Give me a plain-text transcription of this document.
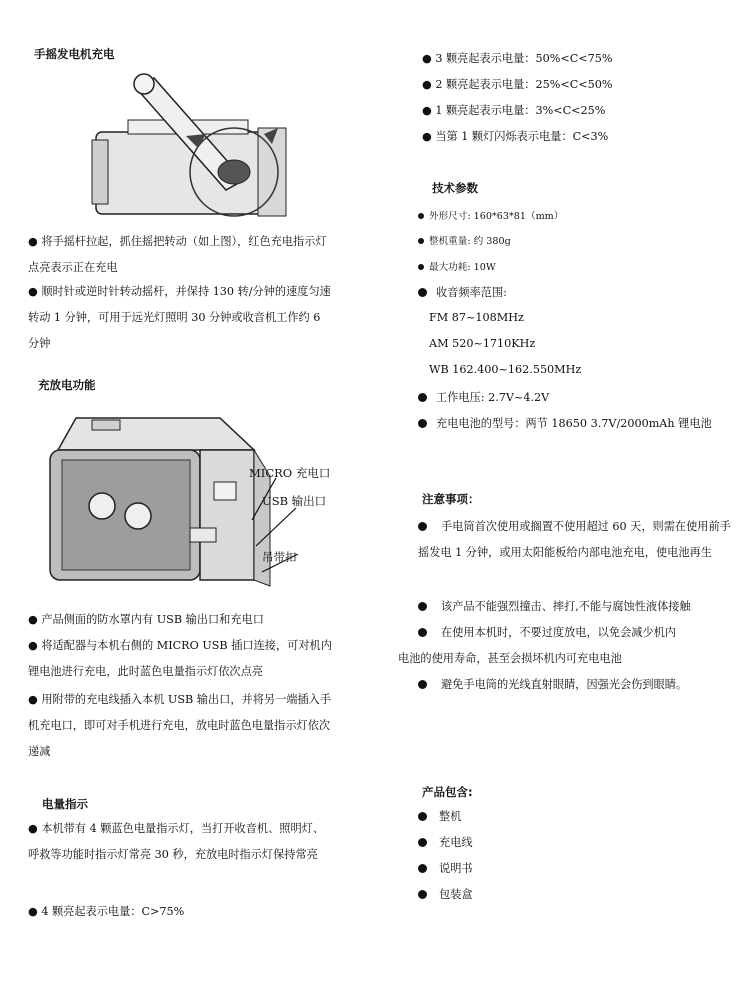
手摇发电机充电
● 将手摇杆拉起，抓住摇把转动（如上图），红色充电指示灯点亮表示正在充电
● 顺时针或逆时针转动摇杆，并保持 130 转/分钟的速度匀速转动 1 分钟，可用于远光灯照明 30 分钟或收音机工作约 6 分钟
充放电功能
MICRO 充电口
USB 输出口
吊带扣
● 产品侧面的防水罩内有 USB 输出口和充电口
● 将适配器与本机右侧的 MICRO USB 插口连接，可对机内锂电池进行充电，此时蓝色电量指示灯依次点亮
● 用附带的充电线插入本机 USB 输出口，并将另一端插入手机充电口，即可对手机进行充电，放电时蓝色电量指示灯依次递减
电量指示
● 本机带有 4 颗蓝色电量指示灯，当打开收音机、照明灯、呼救等功能时指示灯常亮 30 秒，充放电时指示灯保持常亮
● 4 颗亮起表示电量：C>75%
● 3 颗亮起表示电量：50%<C<75%
● 2 颗亮起表示电量：25%<C<50%
● 1 颗亮起表示电量：3%<C<25%
● 当第 1 颗灯闪烁表示电量：C<3%
技术参数
外形尺寸: 160*63*81（mm）
整机重量: 约 380g
最大功耗: 10W
收音频率范围:
FM 87~108MHz
AM 520~1710KHz
WB 162.400~162.550MHz
工作电压: 2.7V~4.2V
充电电池的型号：两节 18650 3.7V/2000mAh 锂电池
注意事项：
手电筒首次使用或搁置不使用超过 60 天，则需在使用前手摇发电 1 分钟，或用太阳能板给内部电池充电，使电池再生
该产品不能强烈撞击、摔打,不能与腐蚀性液体接触
在使用本机时，不要过度放电，以免会减少机内
电池的使用寿命，甚至会损坏机内可充电电池
避免手电筒的光线直射眼睛，因强光会伤到眼睛。
产品包含:
整机
充电线
说明书
包装盒
